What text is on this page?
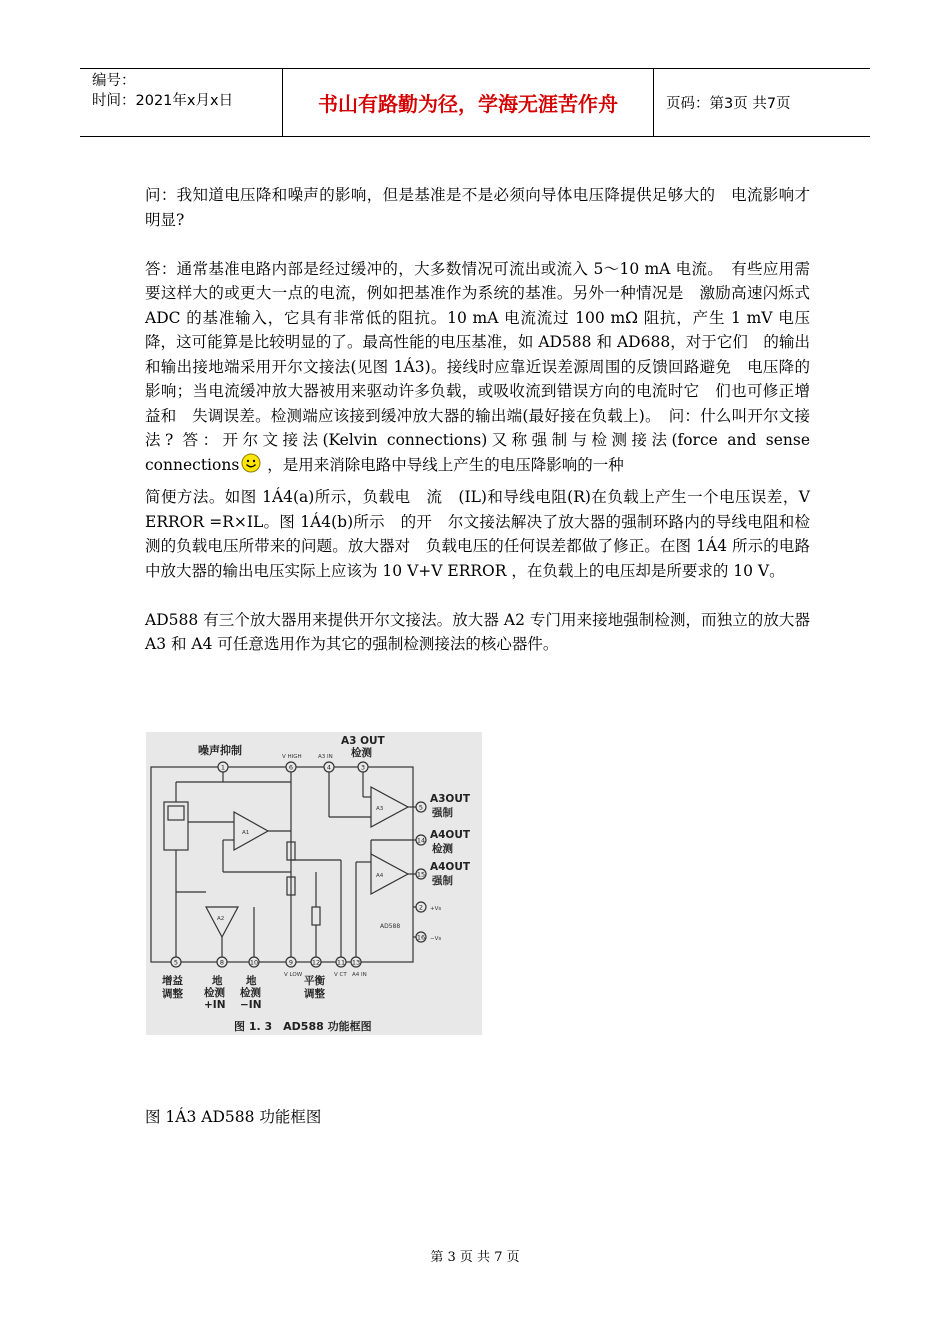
编号：
时间：2021年x月x日	书山有路勤为径，学海无涯苦作舟	页码：第3页 共7页

问：我知道电压降和噪声的影响，但是基准是不是必须向导体电压降提供足够大的　电流影响才明显?

答：通常基准电路内部是经过缓冲的，大多数情况可流出或流入 5～10 mA 电流。　有些应用需要这样大的或更大一点的电流，例如把基准作为系统的基准。另外一种情况是　激励高速闪烁式 ADC 的基准输入，它具有非常低的阻抗。10 mA 电流流过 100 mΩ 阻抗，产生 1 mV 电压降，这可能算是比较明显的了。最高性能的电压基准，如 AD588 和 AD688，对于它们　的输出和输出接地端采用开尔文接法(见图 1Á3)。接线时应靠近误差源周围的反馈回路避免　电压降的影响；当电流缓冲放大器被用来驱动许多负载，或吸收流到错误方向的电流时它　们也可修正增益和　失调误差。检测端应该接到缓冲放大器的输出端(最好接在负载上)。　问：什么叫开尔文接法? 答：开尔文接法(Kelvin connections)又称强制与检测接法(force and sense connections ，是用来消除电路中导线上产生的电压降影响的一种

简便方法。如图 1Á4(a)所示，负载电　流　(IL)和导线电阻(R)在负载上产生一个电压误差，V ERROR =R×IL。图 1Á4(b)所示　的开　尔文接法解决了放大器的强制环路内的导线电阻和检测的负载电压所带来的问题。放大器对　负载电压的任何误差都做了修正。在图 1Á4 所示的电路中放大器的输出电压实际上应该为 10 V+V ERROR ，在负载上的电压却是所要求的 10 V。

AD588 有三个放大器用来提供开尔文接法。放大器 A2 专门用来接地强制检测，而独立的放大器 A3 和 A4 可任意选用作为其它的强制检测接法的核心器件。

1	6	4	3
5
14
15
2
16
5	8	10	9	12	11 13
噪声抑制
A3 OUT
检测
A3OUT
强制
A4OUT
检测
A4OUT
强制
增益
调整
地
检测
+IN
地
检测
−IN
平衡
调整
图 1. 3　AD588 功能框图
V HIGH	A3 IN
A1
A2
A3
A4
AD588
+Vs
−Vs
V LOW	V CT A4 IN
图 1Á3 AD588 功能框图
第 3 页 共 7 页
